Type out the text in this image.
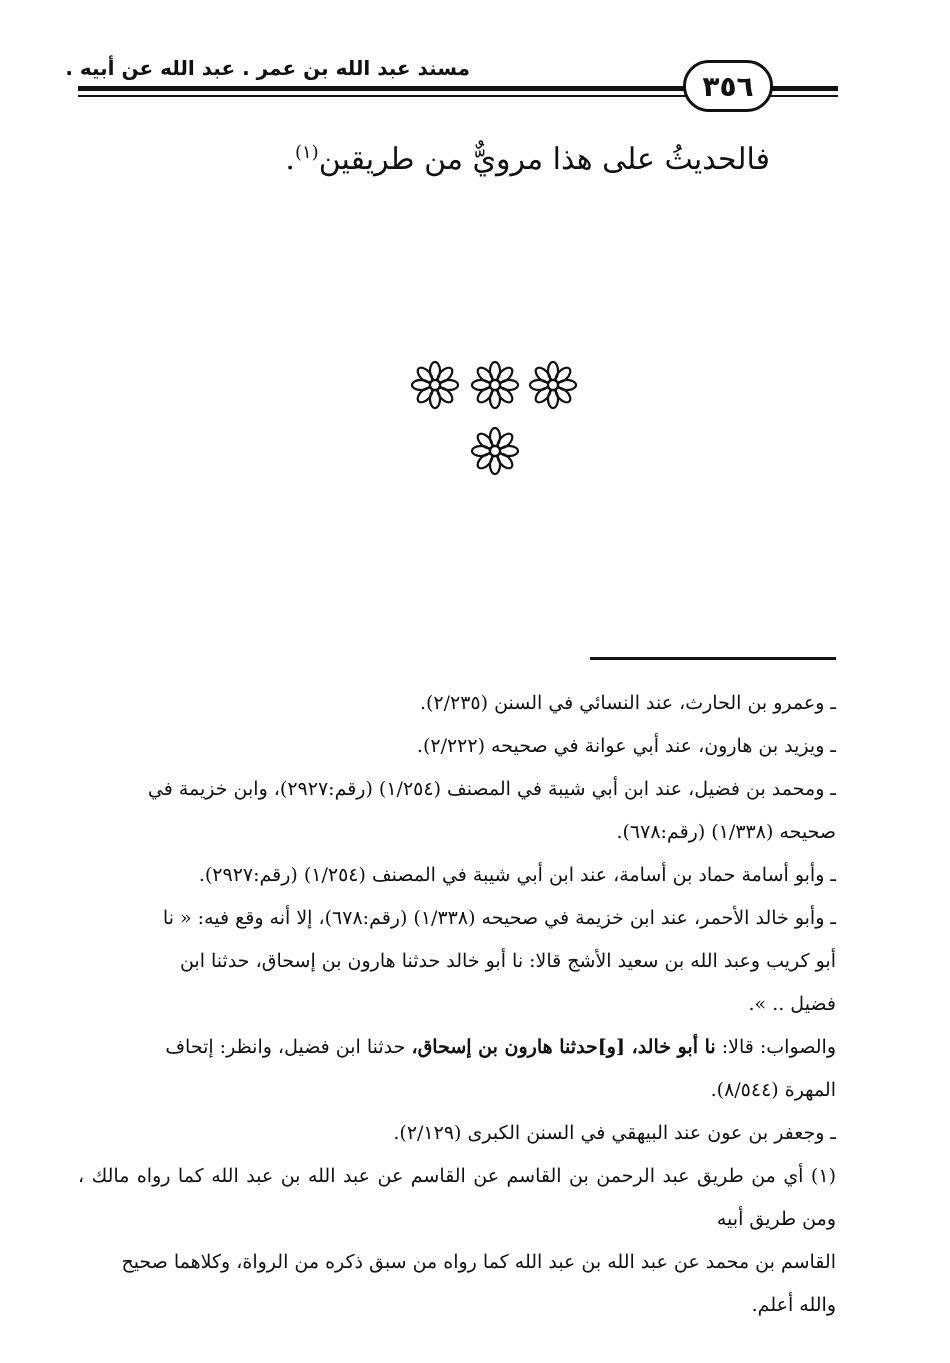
مسند عبد الله بن عمر . عبد الله عن أبيه .
٣٥٦
فالحديثُ على هذا مرويٌّ من طريقين$^{(١)}$.
ـ وعمرو بن الحارث، عند النسائي في السنن (٢/٢٣٥).
ـ ويزيد بن هارون، عند أبي عوانة في صحيحه (٢/٢٢٢).
ـ ومحمد بن فضيل، عند ابن أبي شيبة في المصنف (١/٢٥٤) (رقم:٢٩٢٧)، وابن خزيمة في
صحيحه (١/٣٣٨) (رقم:٦٧٨).
ـ وأبو أسامة حماد بن أسامة، عند ابن أبي شيبة في المصنف (١/٢٥٤) (رقم:٢٩٢٧).
ـ وأبو خالد الأحمر، عند ابن خزيمة في صحيحه (١/٣٣٨) (رقم:٦٧٨)، إلا أنه وقع فيه: « نا
أبو كريب وعبد الله بن سعيد الأشج قالا: نا أبو خالد حدثنا هارون بن إسحاق، حدثنا ابن
فضيل .. ».
والصواب: قالا: نا أبو خالد، [و]حدثنا هارون بن إسحاق، حدثنا ابن فضيل، وانظر: إتحاف
المهرة (٨/٥٤٤).
ـ وجعفر بن عون عند البيهقي في السنن الكبرى (٢/١٢٩).
(١) أي من طريق عبد الرحمن بن القاسم عن القاسم عن عبد الله بن عبد الله كما رواه مالك ، ومن طريق أبيه
القاسم بن محمد عن عبد الله بن عبد الله كما رواه من سبق ذكره من الرواة، وكلاهما صحيح
والله أعلم.
